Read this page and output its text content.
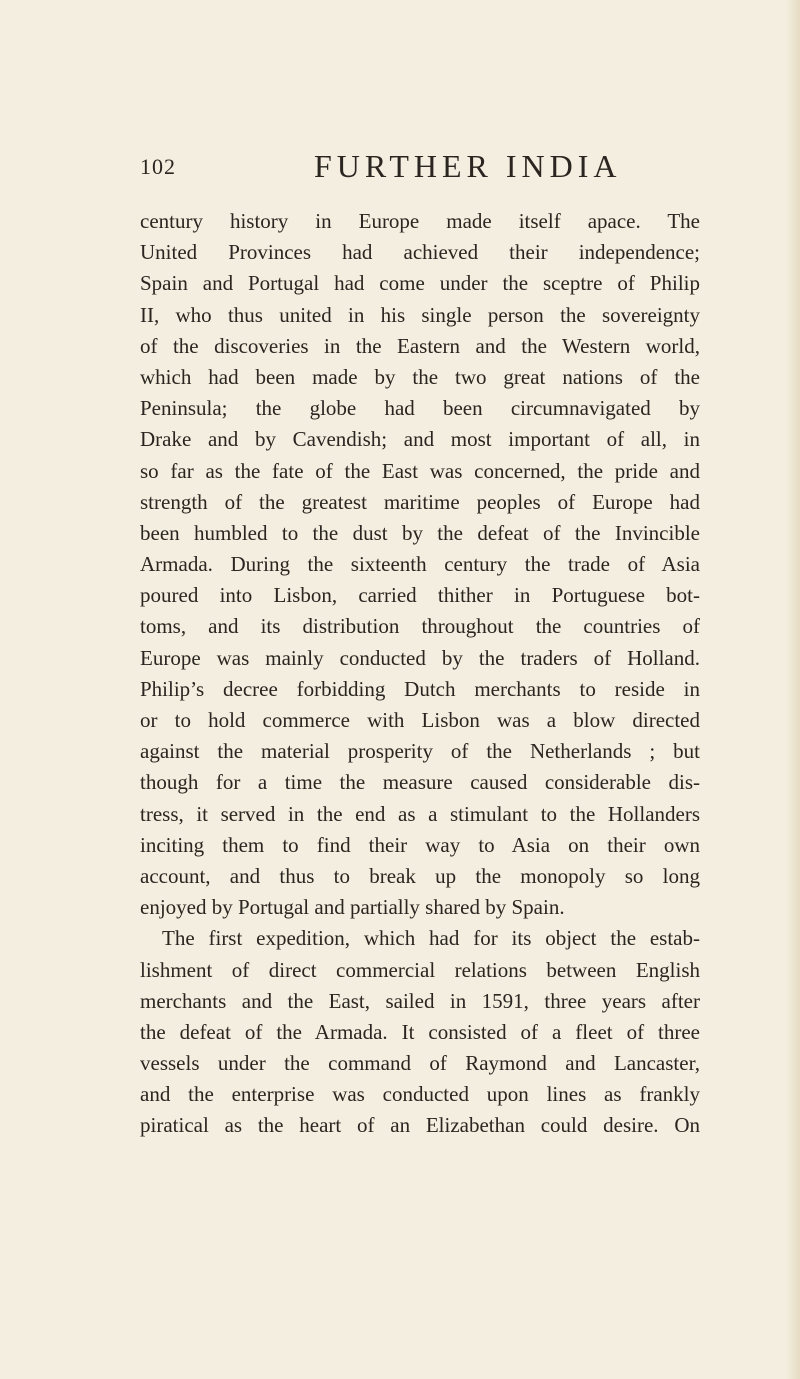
102	FURTHER INDIA
century history in Europe made itself apace. The
United Provinces had achieved their independence;
Spain and Portugal had come under the sceptre of Philip
II, who thus united in his single person the sovereignty
of the discoveries in the Eastern and the Western world,
which had been made by the two great nations of the
Peninsula; the globe had been circumnavigated by
Drake and by Cavendish; and most important of all, in
so far as the fate of the East was concerned, the pride and
strength of the greatest maritime peoples of Europe had
been humbled to the dust by the defeat of the Invincible
Armada. During the sixteenth century the trade of Asia
poured into Lisbon, carried thither in Portuguese bot-
toms, and its distribution throughout the countries of
Europe was mainly conducted by the traders of Holland.
Philip’s decree forbidding Dutch merchants to reside in
or to hold commerce with Lisbon was a blow directed
against the material prosperity of the Netherlands ; but
though for a time the measure caused considerable dis-
tress, it served in the end as a stimulant to the Hollanders
inciting them to find their way to Asia on their own
account, and thus to break up the monopoly so long
enjoyed by Portugal and partially shared by Spain.
The first expedition, which had for its object the estab-
lishment of direct commercial relations between English
merchants and the East, sailed in 1591, three years after
the defeat of the Armada. It consisted of a fleet of three
vessels under the command of Raymond and Lancaster,
and the enterprise was conducted upon lines as frankly
piratical as the heart of an Elizabethan could desire. On
